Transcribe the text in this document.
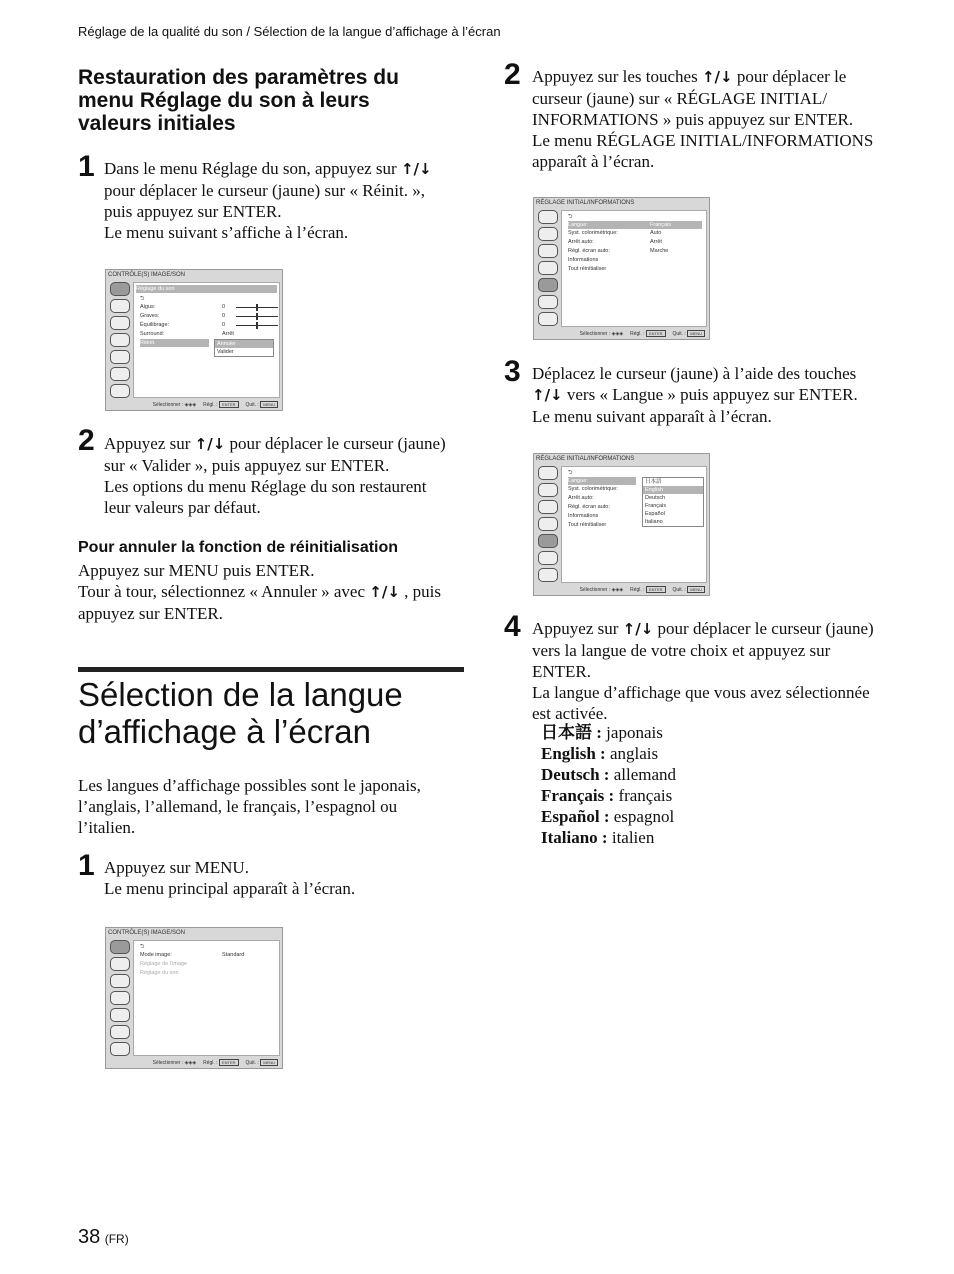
Réglage de la qualité du son / Sélection de la langue d’affichage à l’écran
Restauration des paramètres du
menu Réglage du son à leurs
valeurs initiales
1 Dans le menu Réglage du son, appuyez sur ↑/↓
pour déplacer le curseur (jaune) sur « Réinit. »,
puis appuyez sur ENTER.
Le menu suivant s’affiche à l’écran.
CONTRÔLE(S) IMAGE/SON
Réglage du son
⮌
Aigus:	0
Graves:	0
Équilibrage:	0
Surround:	Arrêt
Réinit.	Annuler
Valider
Sélectionner : ◈◈◈     Régl. : ENTER Quit. : MENU
2 Appuyez sur ↑/↓ pour déplacer le curseur (jaune)
sur « Valider », puis appuyez sur ENTER.
Les options du menu Réglage du son restaurent
leur valeurs par défaut.
Pour annuler la fonction de réinitialisation
Appuyez sur MENU puis ENTER.
Tour à tour, sélectionnez « Annuler » avec ↑/↓ , puis
appuyez sur ENTER.
Sélection de la langue
d’affichage à l’écran
Les langues d’affichage possibles sont le japonais,
l’anglais, l’allemand, le français, l’espagnol ou
l’italien.
1 Appuyez sur MENU.
Le menu principal apparaît à l’écran.
CONTRÔLE(S) IMAGE/SON
⮌
Mode image:	Standard
Réglage de l’image
Réglage du son
Sélectionner : ◈◈◈     Régl. : ENTER Quit. : MENU
2 Appuyez sur les touches ↑/↓ pour déplacer le
curseur (jaune) sur « RÉGLAGE INITIAL/
INFORMATIONS » puis appuyez sur ENTER.
Le menu RÉGLAGE INITIAL/INFORMATIONS
apparaît à l’écran.
RÉGLAGE INITIAL/INFORMATIONS
⮌
Langue:	Français
Syst. colorimétrique:	Auto
Arrêt auto:	Arrêt
Régl. écran auto:	Marche
Informations
Tout réinitialiser
Sélectionner : ◈◈◈     Régl. : ENTER Quit. : MENU
3 Déplacez le curseur (jaune) à l’aide des touches
↑/↓ vers « Langue » puis appuyez sur ENTER.
Le menu suivant apparaît à l’écran.
RÉGLAGE INITIAL/INFORMATIONS
⮌
Langue:
Syst. colorimétrique:
Arrêt auto:
Régl. écran auto:
Informations
Tout réinitialiser
日本語
English
Deutsch
Français
Español
Italiano
Sélectionner : ◈◈◈     Régl. : ENTER Quit. : MENU
4 Appuyez sur ↑/↓ pour déplacer le curseur (jaune)
vers la langue de votre choix et appuyez sur
ENTER.
La langue d’affichage que vous avez sélectionnée
est activée.
日本語 : japonais
English : anglais
Deutsch : allemand
Français : français
Español : espagnol
Italiano : italien
38 (FR)
